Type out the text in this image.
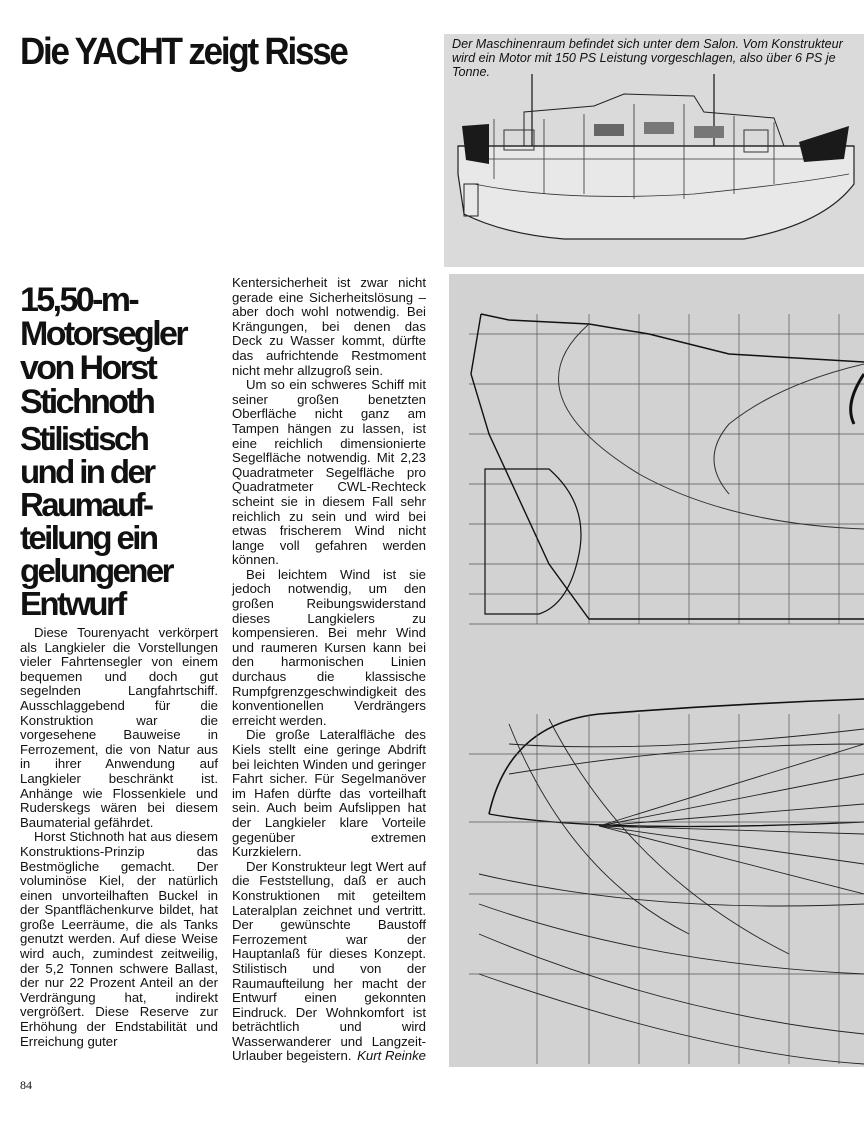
Die YACHT zeigt Risse	Der Maschinenraum befindet sich unter dem Salon. Vom Konstrukteur wird ein Motor mit 150 PS Leistung vorgeschlagen, also über 6 PS je Tonne.
15,50-m-
Motorsegler
von Horst
Stichnoth
Stilistisch
und in der
Raumauf-
teilung ein
gelungener
Entwurf

Diese Tourenyacht verkörpert als Langkieler die Vorstellungen vieler Fahrtensegler von einem bequemen und doch gut segelnden Langfahrtschiff. Ausschlaggebend für die Konstruktion war die vorgesehene Bauweise in Ferrozement, die von Natur aus in ihrer Anwendung auf Langkieler beschränkt ist. Anhänge wie Flossenkiele und Ruderskegs wären bei diesem Baumaterial gefährdet.

Horst Stichnoth hat aus diesem Konstruktions-Prinzip das Bestmögliche gemacht. Der voluminöse Kiel, der natürlich einen unvorteilhaften Buckel in der Spantflächenkurve bildet, hat große Leerräume, die als Tanks genutzt werden. Auf diese Weise wird auch, zumindest zeitweilig, der 5,2 Tonnen schwere Ballast, der nur 22 Prozent Anteil an der Verdrängung hat, indirekt vergrößert. Diese Reserve zur Erhöhung der Endstabilität und Erreichung guter

Kentersicherheit ist zwar nicht gerade eine Sicherheitslösung – aber doch wohl notwendig. Bei Krängungen, bei denen das Deck zu Wasser kommt, dürfte das aufrichtende Restmoment nicht mehr allzugroß sein.

Um so ein schweres Schiff mit seiner großen benetzten Oberfläche nicht ganz am Tampen hängen zu lassen, ist eine reichlich dimensionierte Segelfläche notwendig. Mit 2,23 Quadratmeter Segelfläche pro Quadratmeter CWL-Rechteck scheint sie in diesem Fall sehr reichlich zu sein und wird bei etwas frischerem Wind nicht lange voll gefahren werden können.

Bei leichtem Wind ist sie jedoch notwendig, um den großen Reibungswiderstand dieses Langkielers zu kompensieren. Bei mehr Wind und raumeren Kursen kann bei den harmonischen Linien durchaus die klassische Rumpfgrenzgeschwindigkeit des konventionellen Verdrängers erreicht werden.

Die große Lateralfläche des Kiels stellt eine geringe Abdrift bei leichten Winden und geringer Fahrt sicher. Für Segelmanöver im Hafen dürfte das vorteilhaft sein. Auch beim Aufslippen hat der Langkieler klare Vorteile gegenüber extremen Kurzkielern.

Der Konstrukteur legt Wert auf die Feststellung, daß er auch Konstruktionen mit geteiltem Lateralplan zeichnet und vertritt. Der gewünschte Baustoff Ferrozement war der Hauptanlaß für dieses Konzept. Stilistisch und von der Raumaufteilung her macht der Entwurf einen gekonnten Eindruck. Der Wohnkomfort ist beträchtlich und wird Wasserwanderer und Langzeit-Urlauber begeistern. Kurt Reinke
84
